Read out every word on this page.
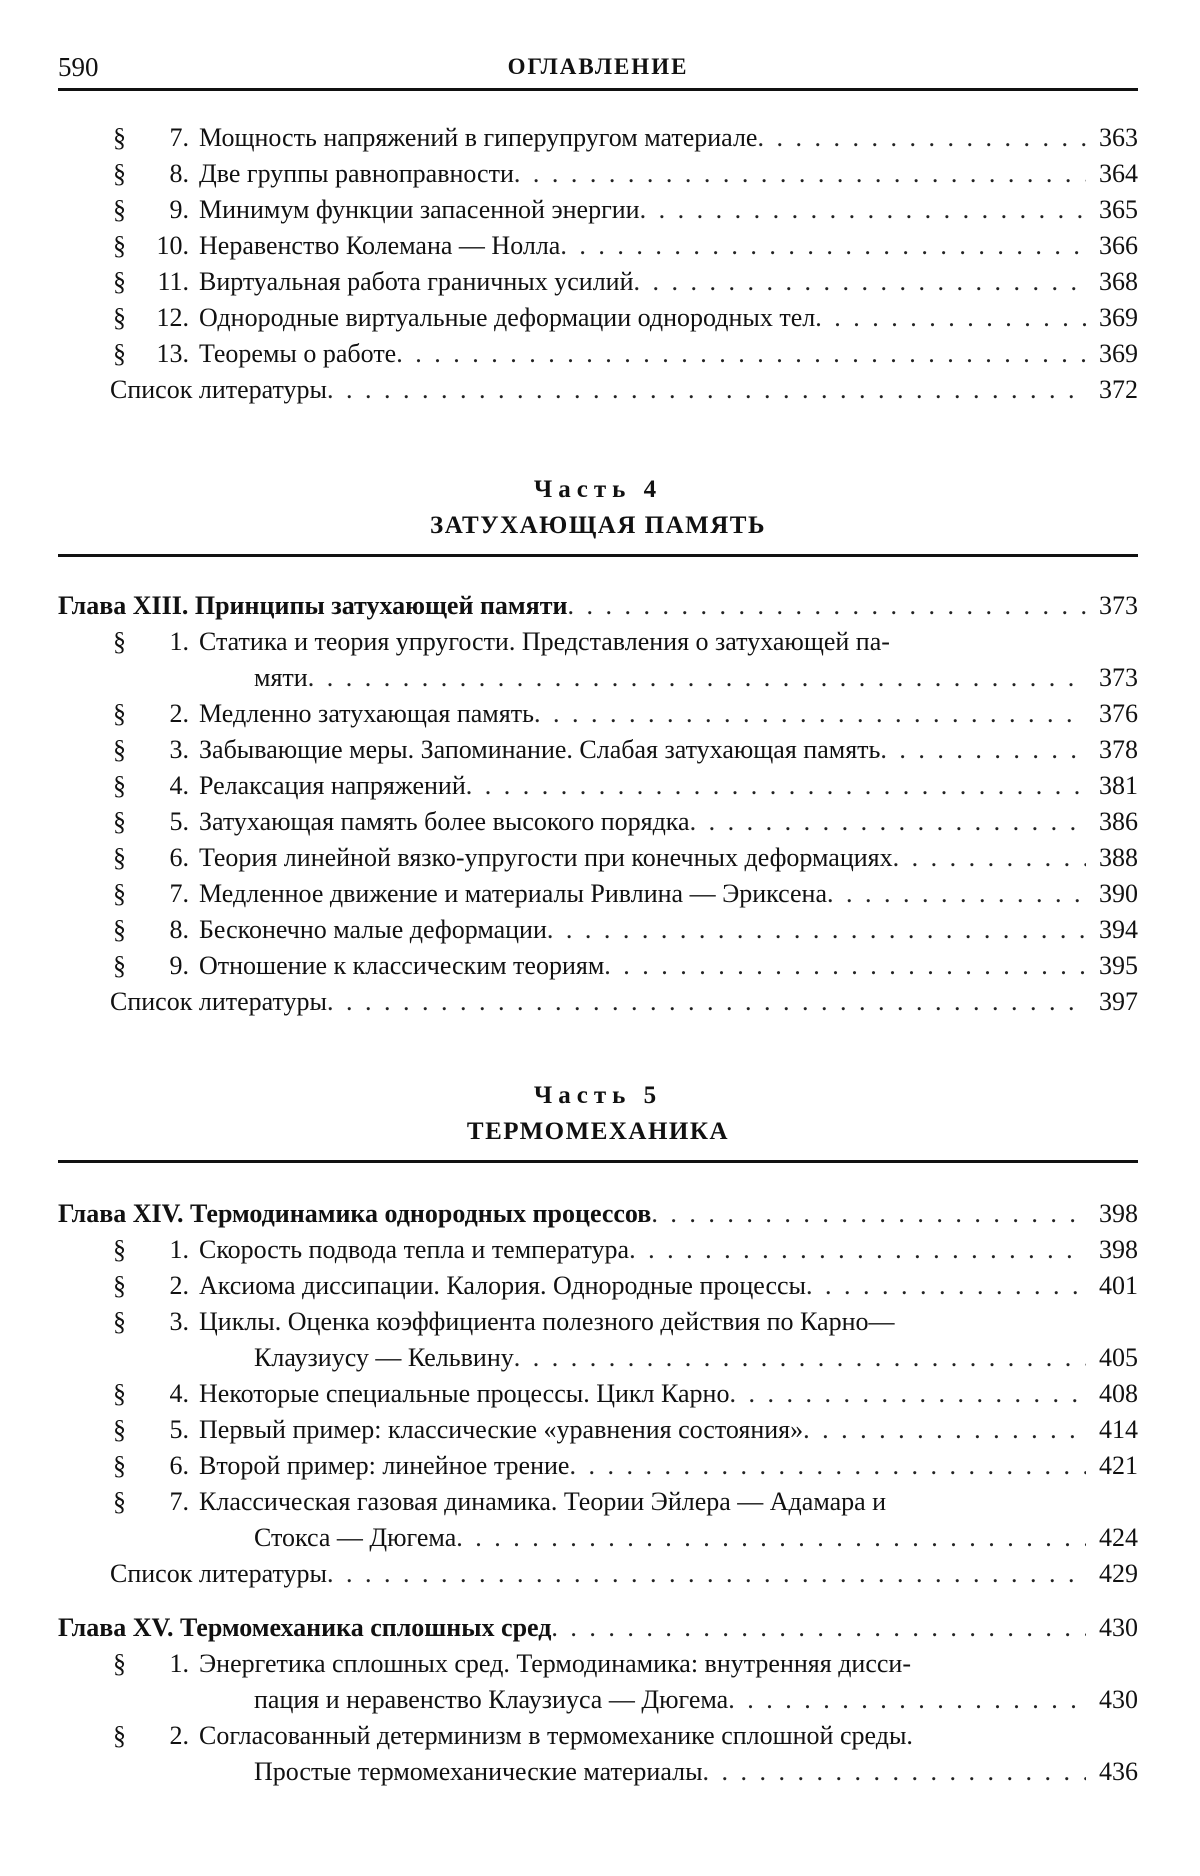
590	ОГЛАВЛЕНИЕ
§ 7. Мощность напряжений в гиперупругом материале . . .	363
§ 8. Две группы равноправности . . .	364
§ 9. Минимум функции запасенной энергии . . .	365
§ 10. Неравенство Колемана — Нолла . . .	366
§ 11. Виртуальная работа граничных усилий . . .	368
§ 12. Однородные виртуальные деформации однородных тел . . .	369
§ 13. Теоремы о работе . . .	369
Список литературы . . .	372
Часть 4
ЗАТУХАЮЩАЯ ПАМЯТЬ
Глава XIII. Принципы затухающей памяти . . .	373
§ 1. Статика и теория упругости. Представления о затухающей па-
мяти . . .	373
§ 2. Медленно затухающая память . . .	376
§ 3. Забывающие меры. Запоминание. Слабая затухающая память . . .	378
§ 4. Релаксация напряжений . . .	381
§ 5. Затухающая память более высокого порядка . . .	386
§ 6. Теория линейной вязко-упругости при конечных деформациях . . .	388
§ 7. Медленное движение и материалы Ривлина — Эриксена . . .	390
§ 8. Бесконечно малые деформации . . .	394
§ 9. Отношение к классическим теориям . . .	395
Список литературы . . .	397
Часть 5
ТЕРМОМЕХАНИКА
Глава XIV. Термодинамика однородных процессов . . .	398
§ 1. Скорость подвода тепла и температура . . .	398
§ 2. Аксиома диссипации. Калория. Однородные процессы . . .	401
§ 3. Циклы. Оценка коэффициента полезного действия по Карно—
Клаузиусу — Кельвину . . .	405
§ 4. Некоторые специальные процессы. Цикл Карно . . .	408
§ 5. Первый пример: классические «уравнения состояния» . . .	414
§ 6. Второй пример: линейное трение . . .	421
§ 7. Классическая газовая динамика. Теории Эйлера — Адамара и
Стокса — Дюгема . . .	424
Список литературы . . .	429
Глава XV. Термомеханика сплошных сред . . .	430
§ 1. Энергетика сплошных сред. Термодинамика: внутренняя дисси-
пация и неравенство Клаузиуса — Дюгема . . .	430
§ 2. Согласованный детерминизм в термомеханике сплошной среды.
Простые термомеханические материалы . . .	436
